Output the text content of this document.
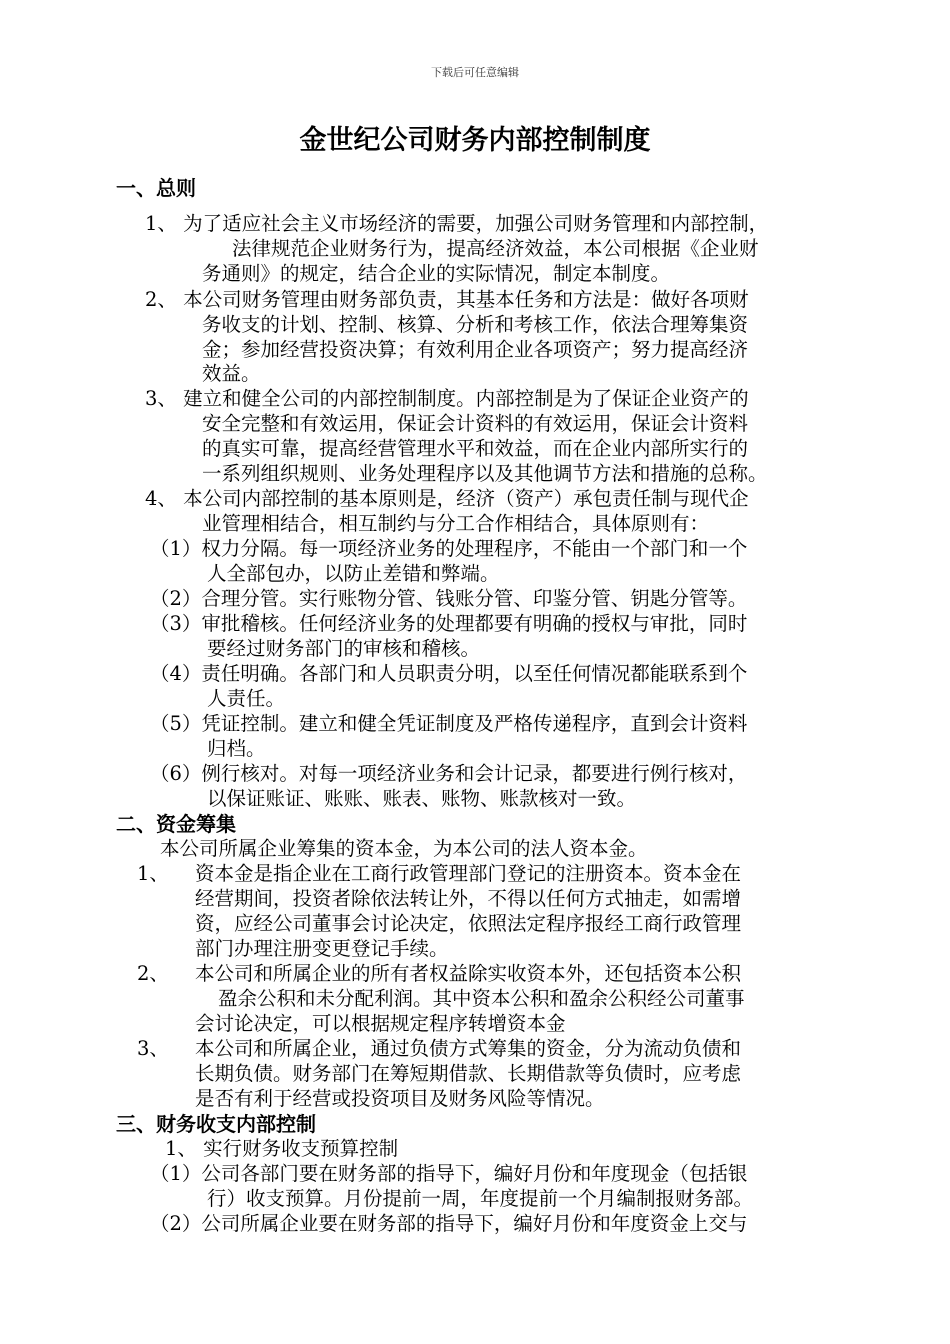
下载后可任意编辑
金世纪公司财务内部控制制度
一、总则
1、 为了适应社会主义市场经济的需要，加强公司财务管理和内部控制，
法律规范企业财务行为，提高经济效益，本公司根据《企业财
务通则》的规定，结合企业的实际情况，制定本制度。
2、 本公司财务管理由财务部负责，其基本任务和方法是：做好各项财
务收支的计划、控制、核算、分析和考核工作，依法合理筹集资
金；参加经营投资决算；有效利用企业各项资产；努力提高经济
效益。
3、 建立和健全公司的内部控制制度。内部控制是为了保证企业资产的
安全完整和有效运用，保证会计资料的有效运用，保证会计资料
的真实可靠，提高经营管理水平和效益，而在企业内部所实行的
一系列组织规则、业务处理程序以及其他调节方法和措施的总称。
4、 本公司内部控制的基本原则是，经济（资产）承包责任制与现代企
业管理相结合，相互制约与分工合作相结合，具体原则有：
（1）权力分隔。每一项经济业务的处理程序，不能由一个部门和一个
人全部包办，以防止差错和弊端。
（2）合理分管。实行账物分管、钱账分管、印鉴分管、钥匙分管等。
（3）审批稽核。任何经济业务的处理都要有明确的授权与审批，同时
要经过财务部门的审核和稽核。
（4）责任明确。各部门和人员职责分明，以至任何情况都能联系到个
人责任。
（5）凭证控制。建立和健全凭证制度及严格传递程序，直到会计资料
归档。
（6）例行核对。对每一项经济业务和会计记录，都要进行例行核对，
以保证账证、账账、账表、账物、账款核对一致。
二、资金筹集
本公司所属企业筹集的资本金，为本公司的法人资本金。
1、 资本金是指企业在工商行政管理部门登记的注册资本。资本金在
经营期间，投资者除依法转让外，不得以任何方式抽走，如需增
资，应经公司董事会讨论决定，依照法定程序报经工商行政管理
部门办理注册变更登记手续。
2、 本公司和所属企业的所有者权益除实收资本外，还包括资本公积
盈余公积和未分配利润。其中资本公积和盈余公积经公司董事
会讨论决定，可以根据规定程序转增资本金
3、 本公司和所属企业，通过负债方式筹集的资金，分为流动负债和
长期负债。财务部门在筹短期借款、长期借款等负债时，应考虑
是否有利于经营或投资项目及财务风险等情况。
三、财务收支内部控制
1、 实行财务收支预算控制
（1）公司各部门要在财务部的指导下，编好月份和年度现金（包括银
行）收支预算。月份提前一周，年度提前一个月编制报财务部。
（2）公司所属企业要在财务部的指导下，编好月份和年度资金上交与
